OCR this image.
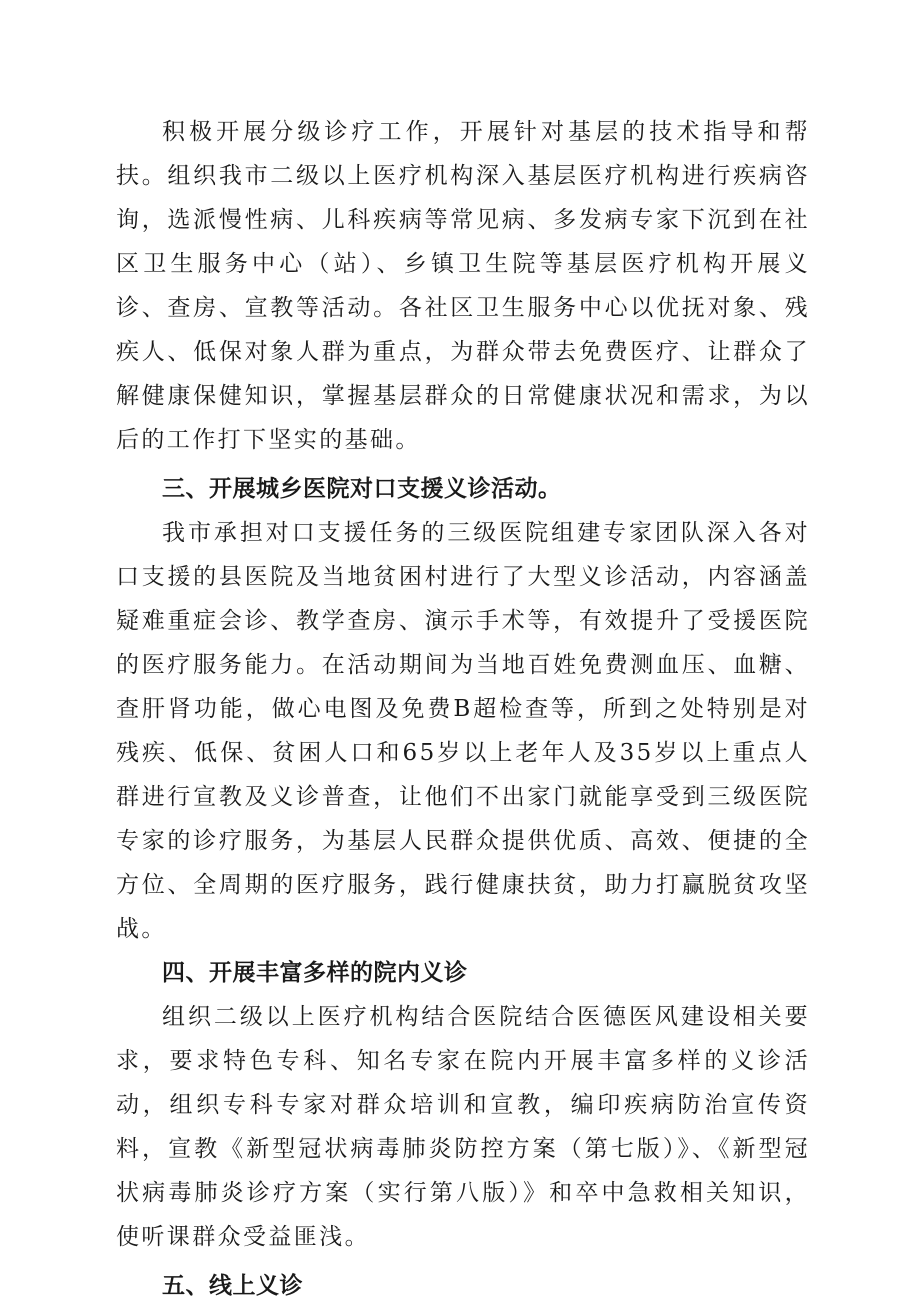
积极开展分级诊疗工作，开展针对基层的技术指导和帮扶。组织我市二级以上医疗机构深入基层医疗机构进行疾病咨询，选派慢性病、儿科疾病等常见病、多发病专家下沉到在社区卫生服务中心（站）、乡镇卫生院等基层医疗机构开展义诊、查房、宣教等活动。各社区卫生服务中心以优抚对象、残疾人、低保对象人群为重点，为群众带去免费医疗、让群众了解健康保健知识，掌握基层群众的日常健康状况和需求，为以后的工作打下坚实的基础。

三、开展城乡医院对口支援义诊活动。

我市承担对口支援任务的三级医院组建专家团队深入各对口支援的县医院及当地贫困村进行了大型义诊活动，内容涵盖疑难重症会诊、教学查房、演示手术等，有效提升了受援医院的医疗服务能力。在活动期间为当地百姓免费测血压、血糖、查肝肾功能，做心电图及免费B超检查等，所到之处特别是对残疾、低保、贫困人口和65岁以上老年人及35岁以上重点人群进行宣教及义诊普查，让他们不出家门就能享受到三级医院专家的诊疗服务，为基层人民群众提供优质、高效、便捷的全方位、全周期的医疗服务，践行健康扶贫，助力打赢脱贫攻坚战。

四、开展丰富多样的院内义诊

组织二级以上医疗机构结合医院结合医德医风建设相关要求，要求特色专科、知名专家在院内开展丰富多样的义诊活动，组织专科专家对群众培训和宣教，编印疾病防治宣传资料，宣教《新型冠状病毒肺炎防控方案（第七版）》、《新型冠状病毒肺炎诊疗方案（实行第八版）》和卒中急救相关知识，使听课群众受益匪浅。

五、线上义诊
